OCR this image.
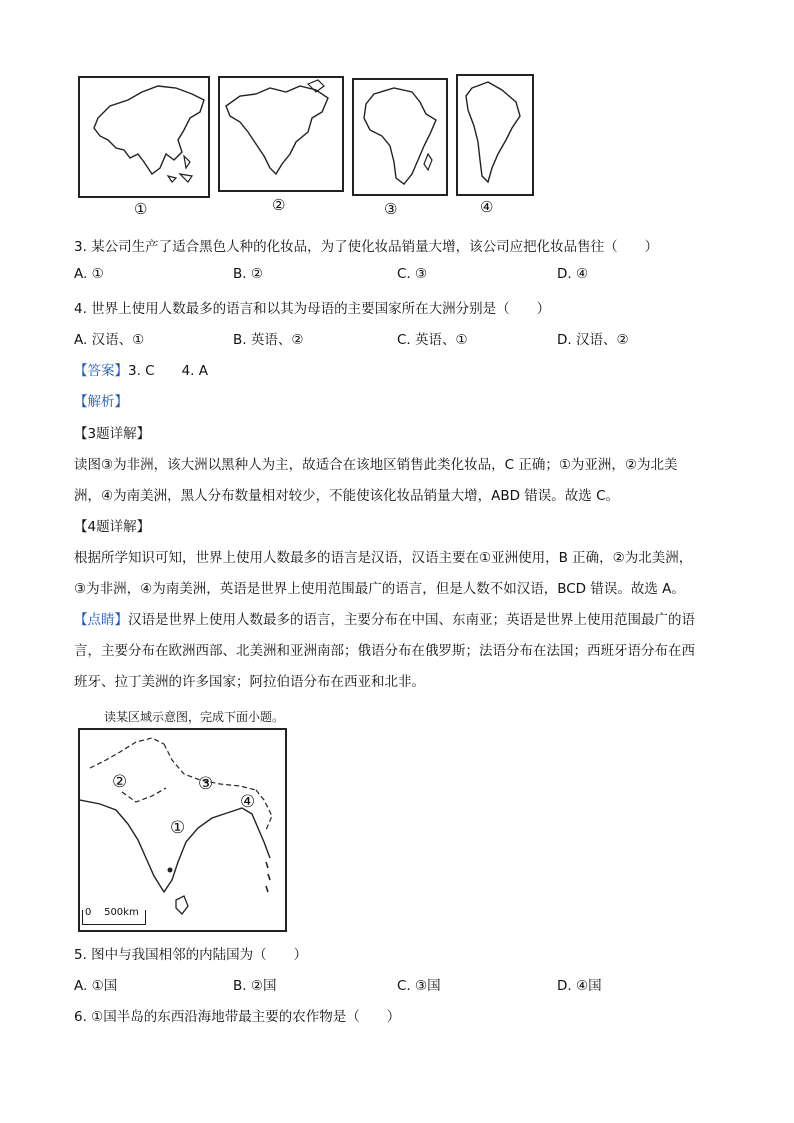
①	②	③	④
3. 某公司生产了适合黑色人种的化妆品，为了使化妆品销量大增，该公司应把化妆品售往（　　）
A. ①	B. ②	C. ③	D. ④
4. 世界上使用人数最多的语言和以其为母语的主要国家所在大洲分别是（　　）
A. 汉语、①	B. 英语、②	C. 英语、①	D. 汉语、②
【答案】3. C　　4. A
【解析】
【3题详解】
读图③为非洲，该大洲以黑种人为主，故适合在该地区销售此类化妆品，C 正确；①为亚洲，②为北美
洲，④为南美洲，黑人分布数量相对较少，不能使该化妆品销量大增，ABD 错误。故选 C。
【4题详解】
根据所学知识可知，世界上使用人数最多的语言是汉语，汉语主要在①亚洲使用，B 正确，②为北美洲，
③为非洲，④为南美洲，英语是世界上使用范围最广的语言，但是人数不如汉语，BCD 错误。故选 A。
【点睛】汉语是世界上使用人数最多的语言，主要分布在中国、东南亚；英语是世界上使用范围最广的语
言，主要分布在欧洲西部、北美洲和亚洲南部；俄语分布在俄罗斯；法语分布在法国；西班牙语分布在西
班牙、拉丁美洲的许多国家；阿拉伯语分布在西亚和北非。
读某区域示意图，完成下面小题。
①
②	③
④
0    500km
5. 图中与我国相邻的内陆国为（　　）
A. ①国	B. ②国	C. ③国	D. ④国
6. ①国半岛的东西沿海地带最主要的农作物是（　　）
